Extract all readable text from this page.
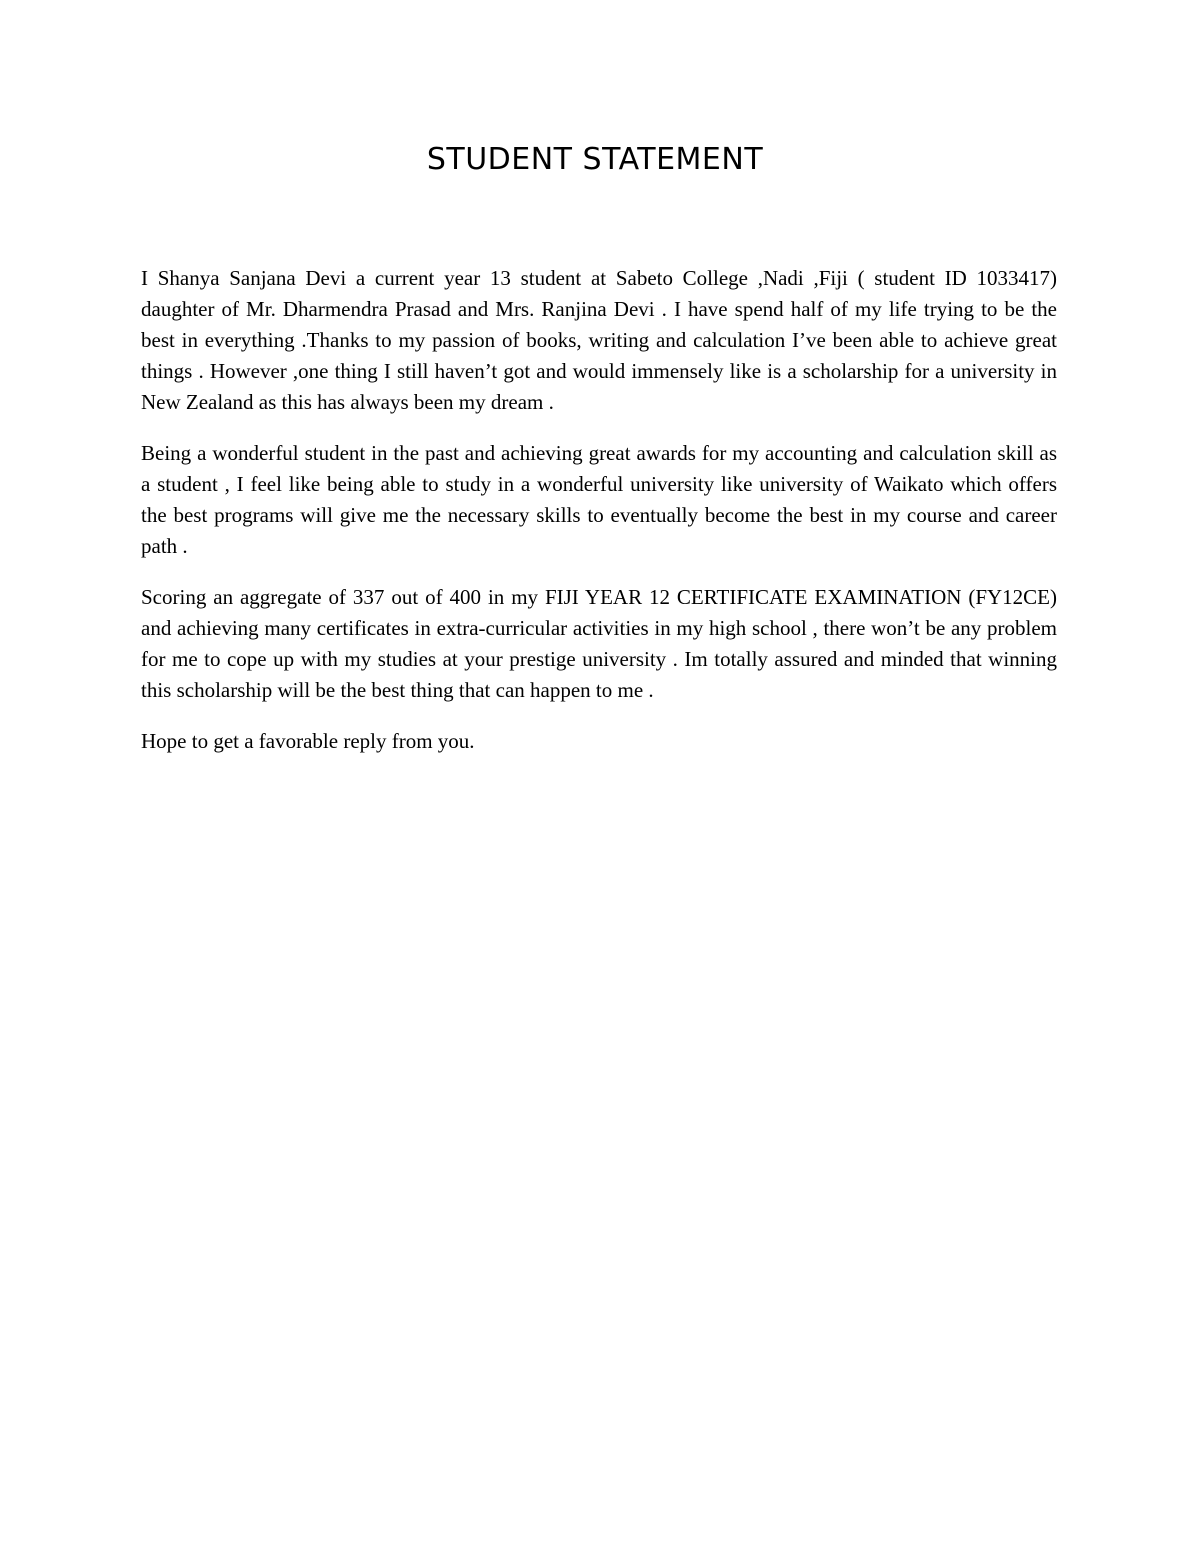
STUDENT STATEMENT

I Shanya Sanjana Devi a current year 13 student at Sabeto College ,Nadi ,Fiji ( student ID 1033417) daughter of Mr. Dharmendra Prasad and Mrs. Ranjina Devi . I have spend half of my life trying to be the best in everything .Thanks to my passion of books, writing and calculation I’ve been able to achieve great things . However ,one thing I still haven’t got and would immensely like is a scholarship for a university in New Zealand as this has always been my dream .

Being a wonderful student in the past and achieving great awards for my accounting and calculation skill as a student , I feel like being able to study in a wonderful university like university of Waikato which offers the best programs will give me the necessary skills to eventually become the best in my course and career path .

Scoring an aggregate of 337 out of 400 in my FIJI YEAR 12 CERTIFICATE EXAMINATION (FY12CE) and achieving many certificates in extra-curricular activities in my high school , there won’t be any problem for me to cope up with my studies at your prestige university . Im totally assured and minded that winning this scholarship will be the best thing that can happen to me .

Hope to get a favorable reply from you.
